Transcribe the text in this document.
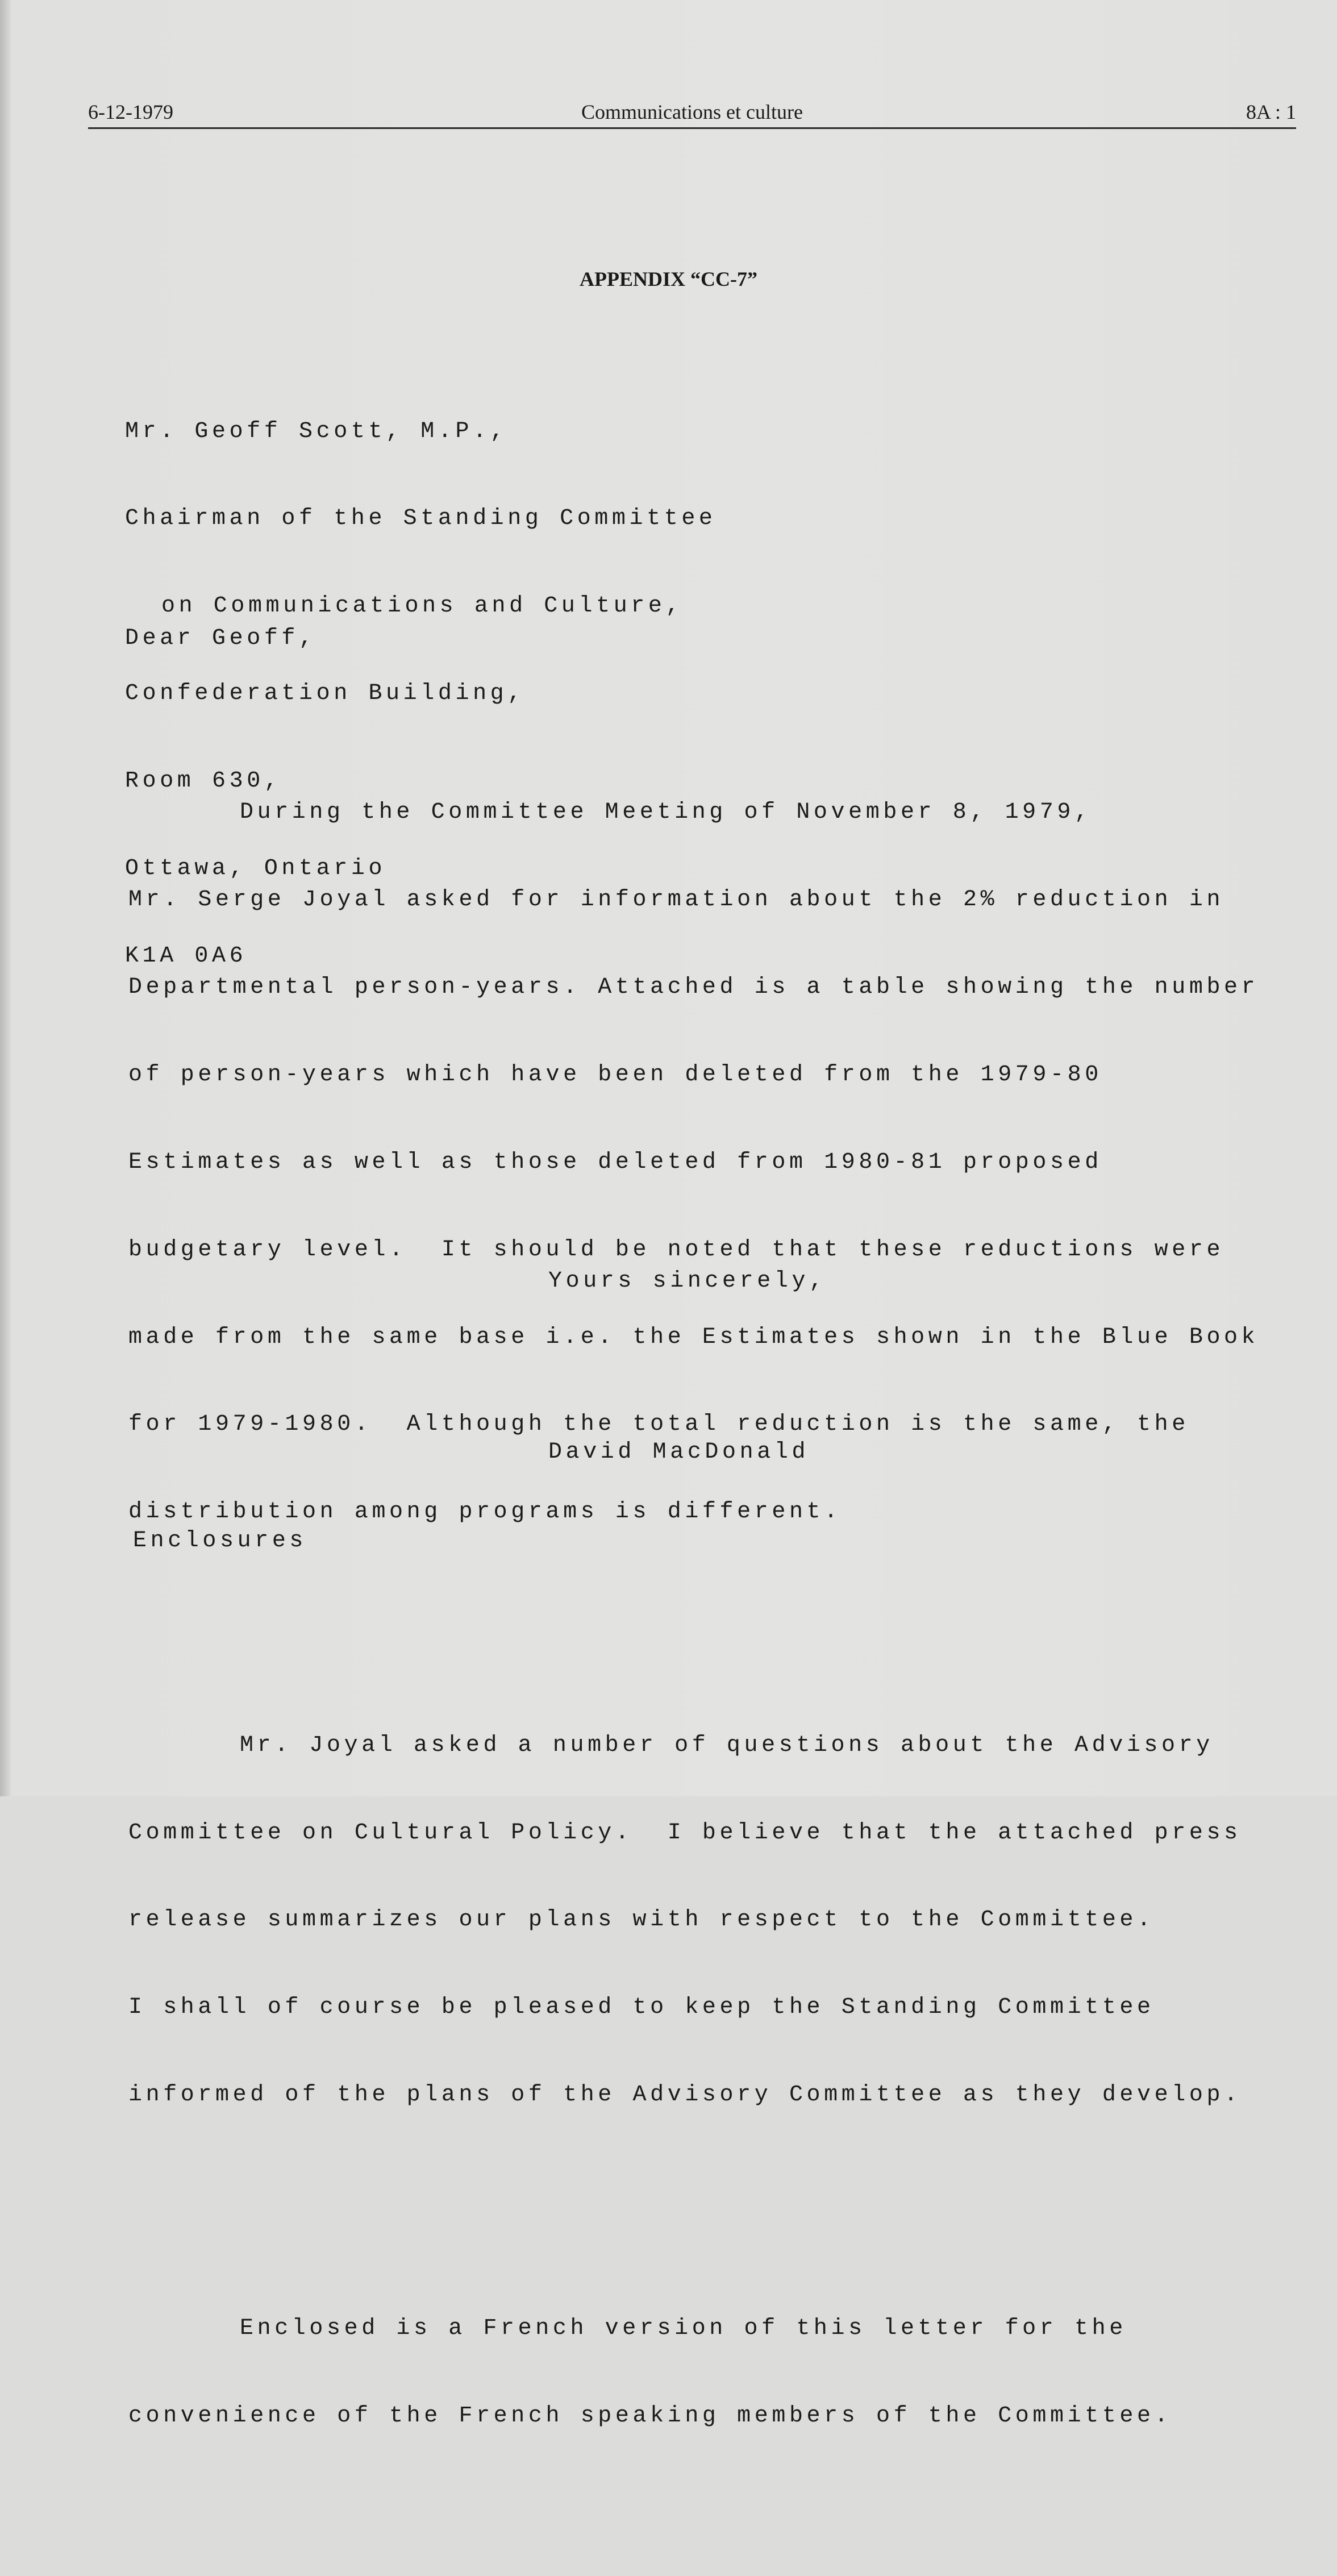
6-12-1979	Communications et culture	8A : 1
APPENDIX “CC-7”

Mr. Geoff Scott, M.P.,

Chairman of the Standing Committee

on Communications and Culture,

Confederation Building,

Room 630,

Ottawa, Ontario

K1A 0A6

Dear Geoff,

During the Committee Meeting of November 8, 1979,

Mr. Serge Joyal asked for information about the 2% reduction in

Departmental person-years. Attached is a table showing the number

of person-years which have been deleted from the 1979-80

Estimates as well as those deleted from 1980-81 proposed

budgetary level.  It should be noted that these reductions were

made from the same base i.e. the Estimates shown in the Blue Book

for 1979-1980.  Although the total reduction is the same, the

distribution among programs is different.

Mr. Joyal asked a number of questions about the Advisory

Committee on Cultural Policy.  I believe that the attached press

release summarizes our plans with respect to the Committee.

I shall of course be pleased to keep the Standing Committee

informed of the plans of the Advisory Committee as they develop.

Enclosed is a French version of this letter for the

convenience of the French speaking members of the Committee.

Yours sincerely,
David MacDonald
Enclosures
